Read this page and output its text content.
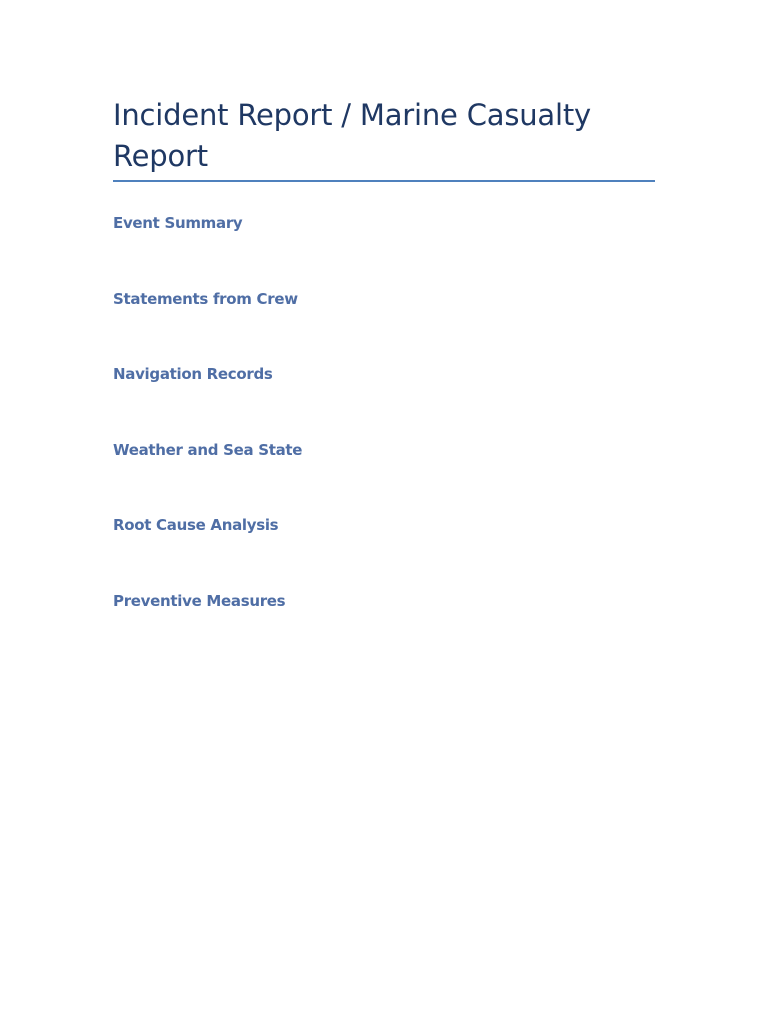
Incident Report / Marine Casualty Report
Event Summary
Statements from Crew
Navigation Records
Weather and Sea State
Root Cause Analysis
Preventive Measures
